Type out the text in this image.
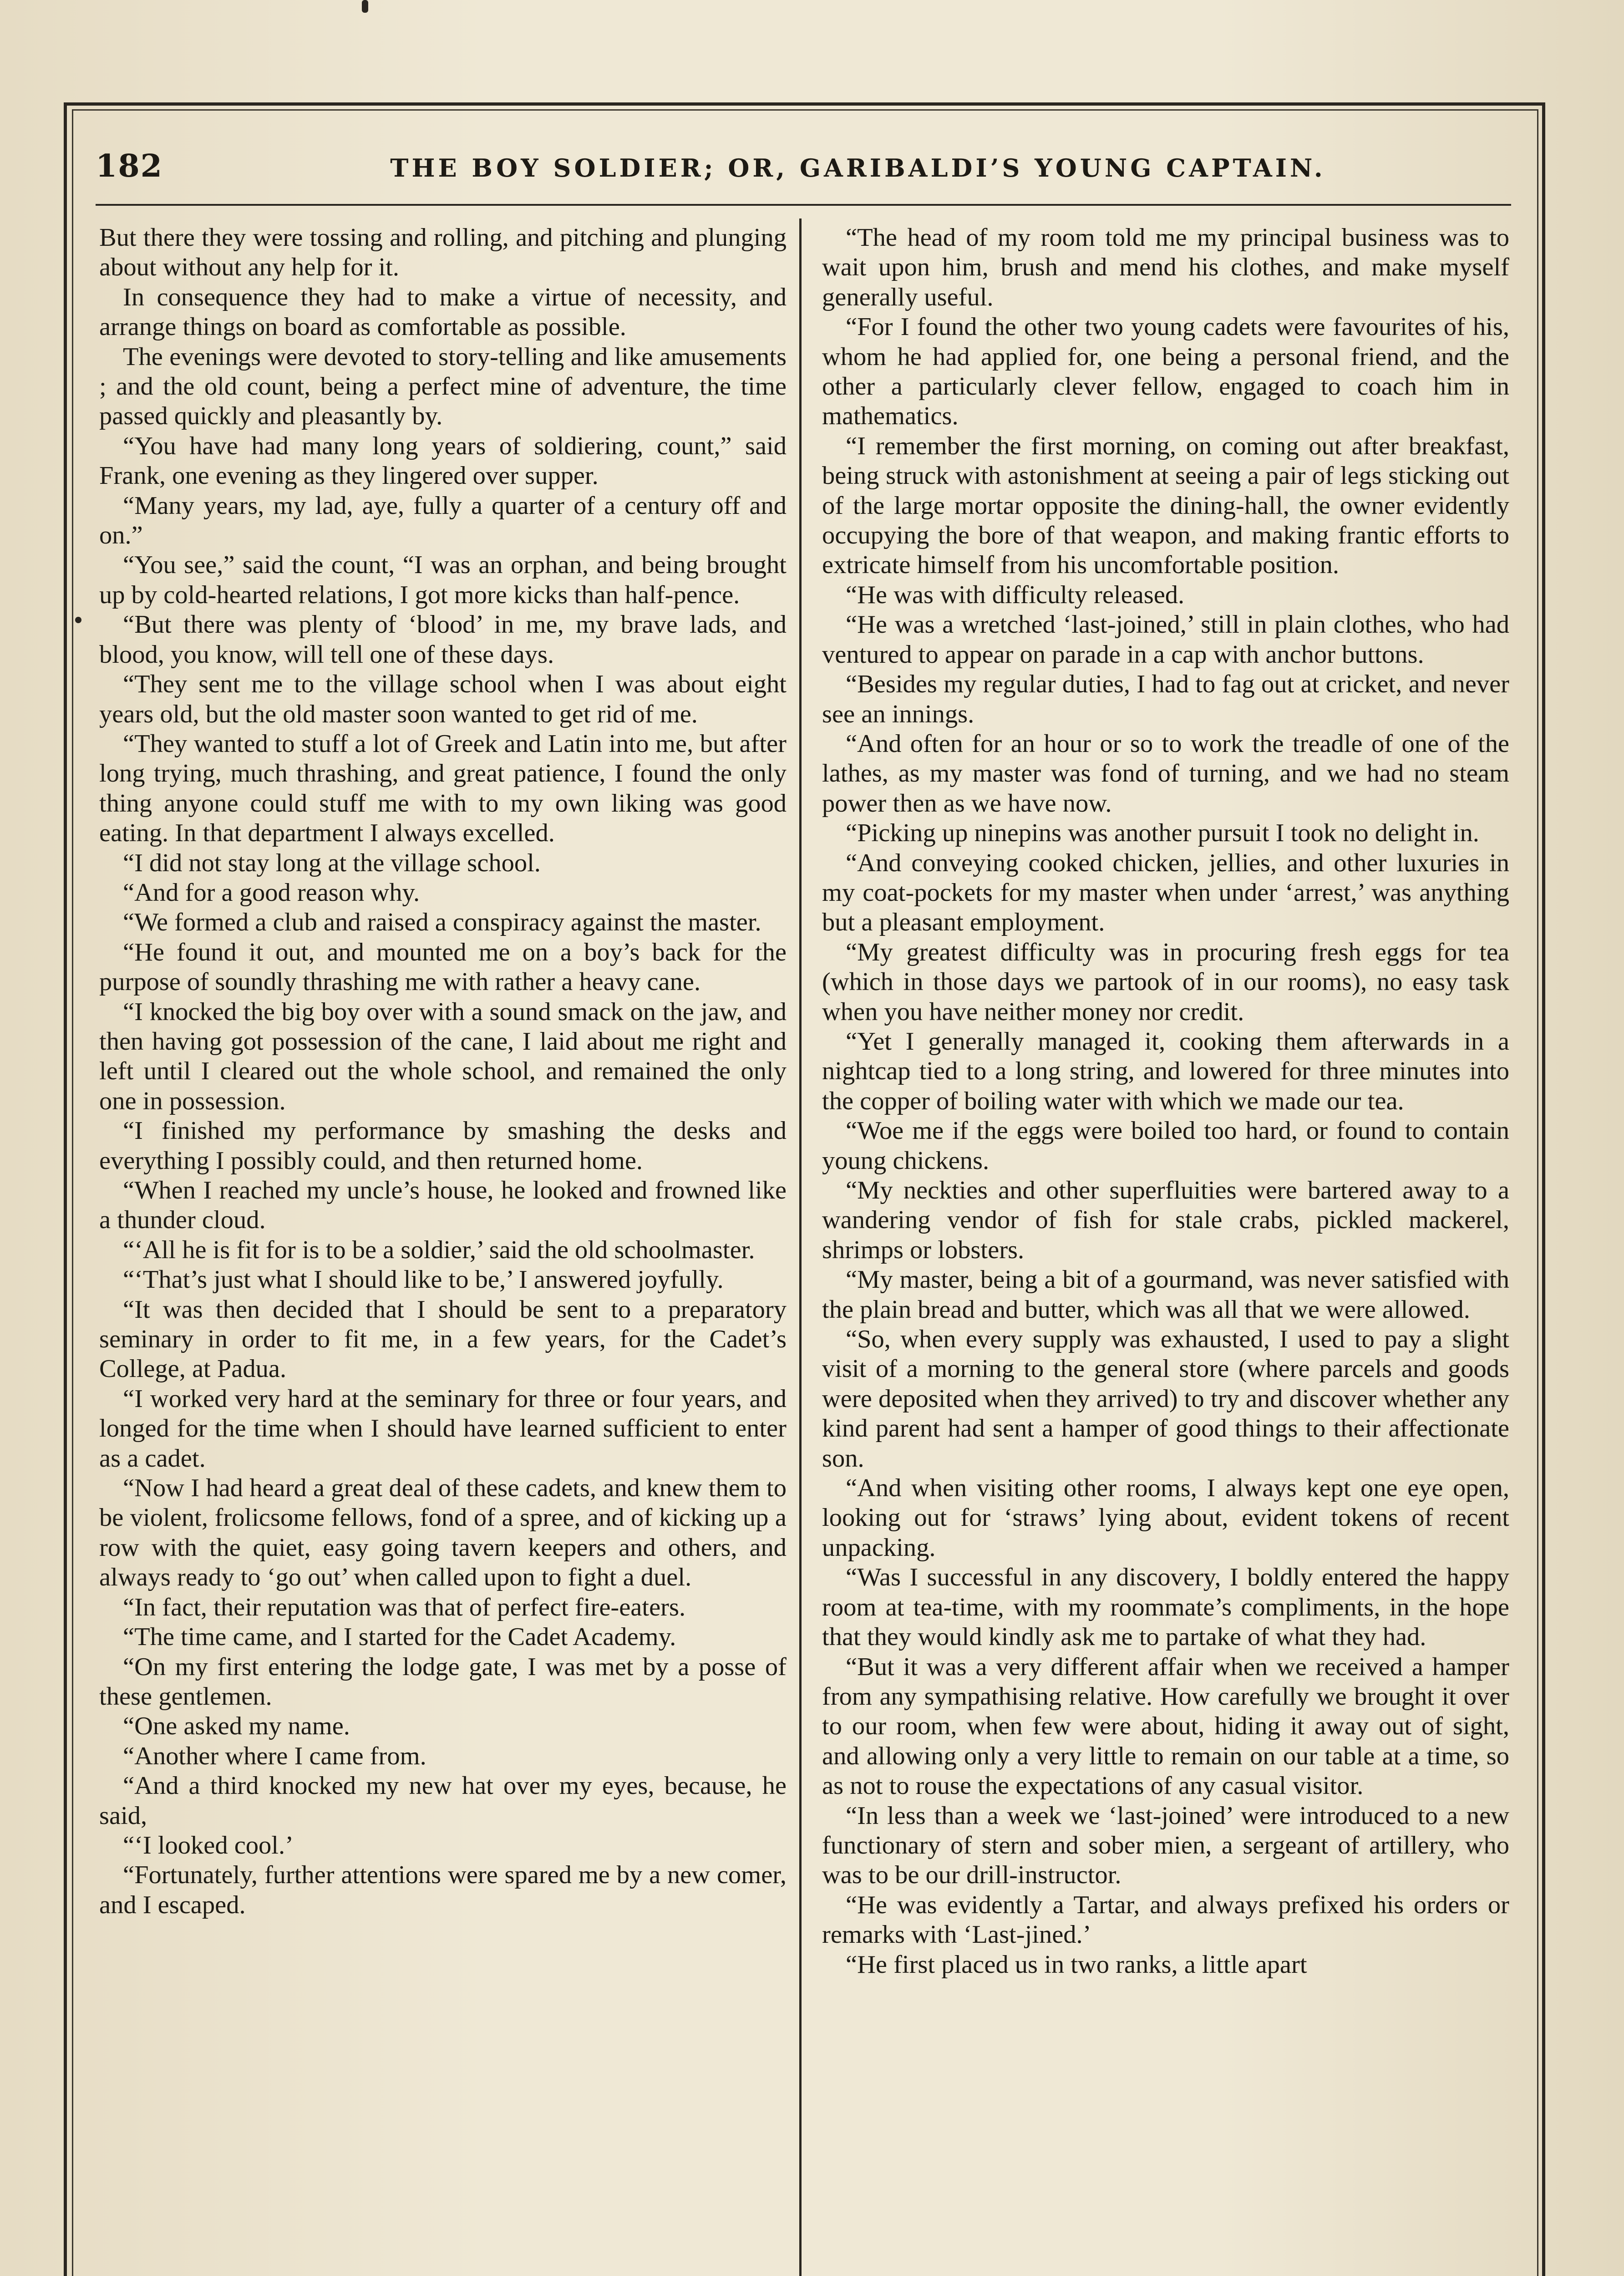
182	THE BOY SOLDIER; OR, GARIBALDI’S YOUNG CAPTAIN.

But there they were tossing and rolling, and pitching and plunging about without any help for it.

In consequence they had to make a virtue of necessity, and arrange things on board as comfortable as possible.

The evenings were devoted to story-telling and like amusements ; and the old count, being a perfect mine of adventure, the time passed quickly and pleasantly by.

“You have had many long years of soldiering, count,” said Frank, one evening as they lingered over supper.

“Many years, my lad, aye, fully a quarter of a century off and on.”

“You see,” said the count, “I was an orphan, and being brought up by cold-hearted relations, I got more kicks than half-pence.

“But there was plenty of ‘blood’ in me, my brave lads, and blood, you know, will tell one of these days.

“They sent me to the village school when I was about eight years old, but the old master soon wanted to get rid of me.

“They wanted to stuff a lot of Greek and Latin into me, but after long trying, much thrashing, and great patience, I found the only thing anyone could stuff me with to my own liking was good eating. In that department I always excelled.

“I did not stay long at the village school.

“And for a good reason why.

“We formed a club and raised a conspiracy against the master.

“He found it out, and mounted me on a boy’s back for the purpose of soundly thrashing me with rather a heavy cane.

“I knocked the big boy over with a sound smack on the jaw, and then having got possession of the cane, I laid about me right and left until I cleared out the whole school, and remained the only one in possession.

“I finished my performance by smashing the desks and everything I possibly could, and then returned home.

“When I reached my uncle’s house, he looked and frowned like a thunder cloud.

“‘All he is fit for is to be a soldier,’ said the old schoolmaster.

“‘That’s just what I should like to be,’ I answered joyfully.

“It was then decided that I should be sent to a preparatory seminary in order to fit me, in a few years, for the Cadet’s College, at Padua.

“I worked very hard at the seminary for three or four years, and longed for the time when I should have learned sufficient to enter as a cadet.

“Now I had heard a great deal of these cadets, and knew them to be violent, frolicsome fellows, fond of a spree, and of kicking up a row with the quiet, easy going tavern keepers and others, and always ready to ‘go out’ when called upon to fight a duel.

“In fact, their reputation was that of perfect fire-eaters.

“The time came, and I started for the Cadet Academy.

“On my first entering the lodge gate, I was met by a posse of these gentlemen.

“One asked my name.

“Another where I came from.

“And a third knocked my new hat over my eyes, because, he said,

“‘I looked cool.’

“Fortunately, further attentions were spared me by a new comer, and I escaped.

“The head of my room told me my principal business was to wait upon him, brush and mend his clothes, and make myself generally useful.

“For I found the other two young cadets were favourites of his, whom he had applied for, one being a personal friend, and the other a particularly clever fellow, engaged to coach him in mathematics.

“I remember the first morning, on coming out after breakfast, being struck with astonishment at seeing a pair of legs sticking out of the large mortar opposite the dining-hall, the owner evidently occupying the bore of that weapon, and making frantic efforts to extricate himself from his uncomfortable position.

“He was with difficulty released.

“He was a wretched ‘last-joined,’ still in plain clothes, who had ventured to appear on parade in a cap with anchor buttons.

“Besides my regular duties, I had to fag out at cricket, and never see an innings.

“And often for an hour or so to work the treadle of one of the lathes, as my master was fond of turning, and we had no steam power then as we have now.

“Picking up ninepins was another pursuit I took no delight in.

“And conveying cooked chicken, jellies, and other luxuries in my coat-pockets for my master when under ‘arrest,’ was anything but a pleasant employment.

“My greatest difficulty was in procuring fresh eggs for tea (which in those days we partook of in our rooms), no easy task when you have neither money nor credit.

“Yet I generally managed it, cooking them afterwards in a nightcap tied to a long string, and lowered for three minutes into the copper of boiling water with which we made our tea.

“Woe me if the eggs were boiled too hard, or found to contain young chickens.

“My neckties and other superfluities were bartered away to a wandering vendor of fish for stale crabs, pickled mackerel, shrimps or lobsters.

“My master, being a bit of a gourmand, was never satisfied with the plain bread and butter, which was all that we were allowed.

“So, when every supply was exhausted, I used to pay a slight visit of a morning to the general store (where parcels and goods were deposited when they arrived) to try and discover whether any kind parent had sent a hamper of good things to their affectionate son.

“And when visiting other rooms, I always kept one eye open, looking out for ‘straws’ lying about, evident tokens of recent unpacking.

“Was I successful in any discovery, I boldly entered the happy room at tea-time, with my roommate’s compliments, in the hope that they would kindly ask me to partake of what they had.

“But it was a very different affair when we received a hamper from any sympathising relative. How carefully we brought it over to our room, when few were about, hiding it away out of sight, and allowing only a very little to remain on our table at a time, so as not to rouse the expectations of any casual visitor.

“In less than a week we ‘last-joined’ were introduced to a new functionary of stern and sober mien, a sergeant of artillery, who was to be our drill-instructor.

“He was evidently a Tartar, and always prefixed his orders or remarks with ‘Last-jined.’

“He first placed us in two ranks, a little apart
